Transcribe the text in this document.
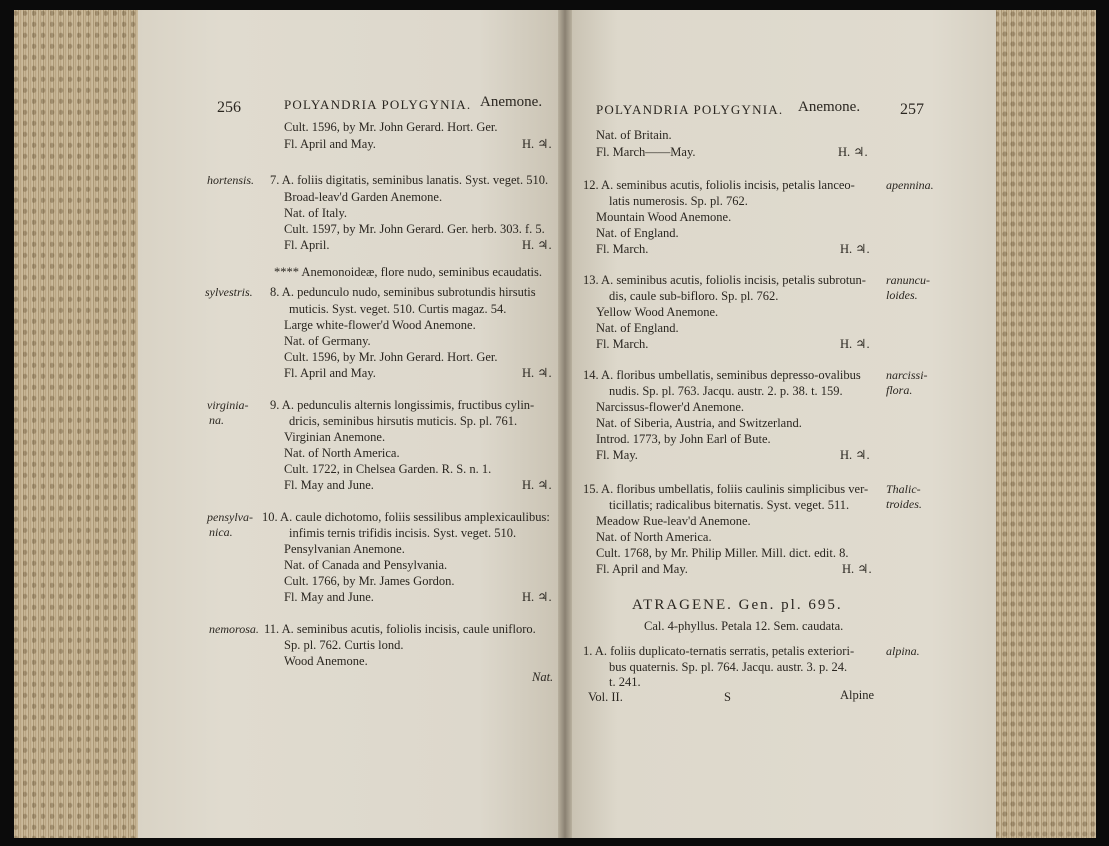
256	POLYANDRIA POLYGYNIA. Anemone.
Cult. 1596, by Mr. John Gerard. Hort. Ger.
Fl. April and May.	H. ♃.
hortensis. 7. A. foliis digitatis, seminibus lanatis. Syst. veget. 510.
Broad-leav'd Garden Anemone.
Nat. of Italy.
Cult. 1597, by Mr. John Gerard. Ger. herb. 303. f. 5.
Fl. April.	H. ♃.
**** Anemonoideæ, flore nudo, seminibus ecaudatis.
sylvestris. 8. A. pedunculo nudo, seminibus subrotundis hirsutis
muticis. Syst. veget. 510. Curtis magaz. 54.
Large white-flower'd Wood Anemone.
Nat. of Germany.
Cult. 1596, by Mr. John Gerard. Hort. Ger.
Fl. April and May.	H. ♃.
virginia-
na.
9. A. pedunculis alternis longissimis, fructibus cylin-
dricis, seminibus hirsutis muticis. Sp. pl. 761.
Virginian Anemone.
Nat. of North America.
Cult. 1722, in Chelsea Garden. R. S. n. 1.
Fl. May and June.	H. ♃.
pensylva-
nica.
10. A. caule dichotomo, foliis sessilibus amplexicaulibus:
infimis ternis trifidis incisis. Syst. veget. 510.
Pensylvanian Anemone.
Nat. of Canada and Pensylvania.
Cult. 1766, by Mr. James Gordon.
Fl. May and June.	H. ♃.
nemorosa. 11. A. seminibus acutis, foliolis incisis, caule unifloro.
Sp. pl. 762. Curtis lond.
Wood Anemone.
Nat.
POLYANDRIA POLYGYNIA. Anemone. 257
Nat. of Britain.
Fl. March——May.	H. ♃.
12. A. seminibus acutis, foliolis incisis, petalis lanceo-
latis numerosis. Sp. pl. 762.
apennina.
Mountain Wood Anemone.
Nat. of England.
Fl. March.	H. ♃.
13. A. seminibus acutis, foliolis incisis, petalis subrotun-
dis, caule sub-bifloro. Sp. pl. 762.
ranuncu-
loides.
Yellow Wood Anemone.
Nat. of England.
Fl. March.	H. ♃.
14. A. floribus umbellatis, seminibus depresso-ovalibus
nudis. Sp. pl. 763. Jacqu. austr. 2. p. 38. t. 159.
narcissi-
flora.
Narcissus-flower'd Anemone.
Nat. of Siberia, Austria, and Switzerland.
Introd. 1773, by John Earl of Bute.
Fl. May.	H. ♃.
15. A. floribus umbellatis, foliis caulinis simplicibus ver-
ticillatis; radicalibus biternatis. Syst. veget. 511.
Thalic-
troides.
Meadow Rue-leav'd Anemone.
Nat. of North America.
Cult. 1768, by Mr. Philip Miller. Mill. dict. edit. 8.
Fl. April and May.	H. ♃.
ATRAGENE. Gen. pl. 695.
Cal. 4-phyllus. Petala 12. Sem. caudata.
1. A. foliis duplicato-ternatis serratis, petalis exteriori-
bus quaternis. Sp. pl. 764. Jacqu. austr. 3. p. 24.
alpina.
t. 241.
Vol. II.	S	Alpine
